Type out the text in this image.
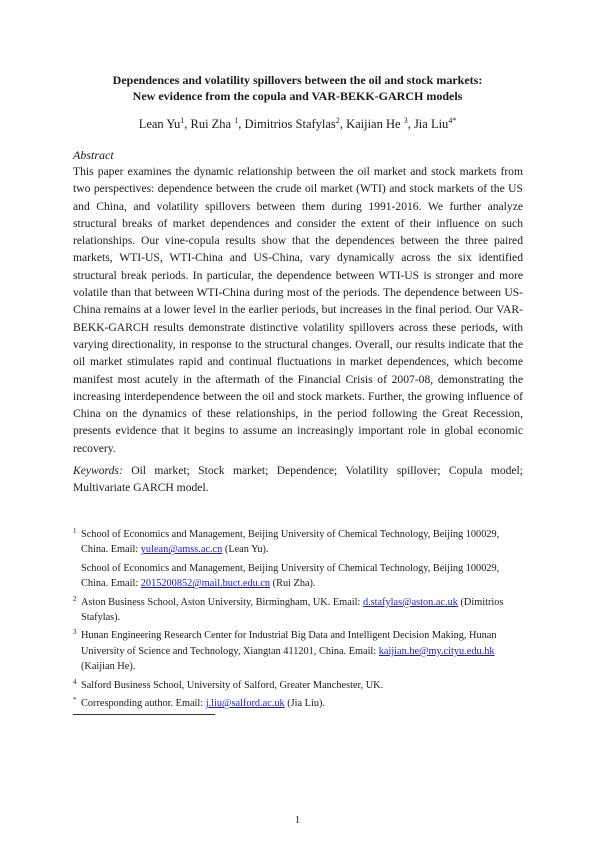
Dependences and volatility spillovers between the oil and stock markets:
New evidence from the copula and VAR-BEKK-GARCH models
Lean Yu$^1$, Rui Zha $^1$, Dimitrios Stafylas$^2$, Kaijian He $^3$, Jia Liu$^{4*}$
Abstract

This paper examines the dynamic relationship between the oil market and stock markets from two perspectives: dependence between the crude oil market (WTI) and stock markets of the US and China, and volatility spillovers between them during 1991-2016. We further analyze structural breaks of market dependences and consider the extent of their influence on such relationships. Our vine-copula results show that the dependences between the three paired markets, WTI-US, WTI-China and US-China, vary dynamically across the six identified structural break periods. In particular, the dependence between WTI-US is stronger and more volatile than that between WTI-China during most of the periods. The dependence between US-China remains at a lower level in the earlier periods, but increases in the final period. Our VAR-BEKK-GARCH results demonstrate distinctive volatility spillovers across these periods, with varying directionality, in response to the structural changes. Overall, our results indicate that the oil market stimulates rapid and continual fluctuations in market dependences, which become manifest most acutely in the aftermath of the Financial Crisis of 2007-08, demonstrating the increasing interdependence between the oil and stock markets. Further, the growing influence of China on the dynamics of these relationships, in the period following the Great Recession, presents evidence that it begins to assume an increasingly important role in global economic recovery.

Keywords: Oil market; Stock market; Dependence; Volatility spillover; Copula model; Multivariate GARCH model.

1 School of Economics and Management, Beijing University of Chemical Technology, Beijing 100029, China. Email: yulean@amss.ac.cn (Lean Yu).
School of Economics and Management, Beijing University of Chemical Technology, Beijing 100029, China. Email: 2015200852@mail.buct.edu.cn (Rui Zha).
2 Aston Business School, Aston University, Birmingham, UK. Email: d.stafylas@aston.ac.uk (Dimitrios Stafylas).
3 Hunan Engineering Research Center for Industrial Big Data and Intelligent Decision Making, Hunan University of Science and Technology, Xiangtan 411201, China. Email: kaijian.he@my.cityu.edu.hk (Kaijian He).
4 Salford Business School, University of Salford, Greater Manchester, UK.
* Corresponding author. Email: j.liu@salford.ac.uk (Jia Liu).
1
